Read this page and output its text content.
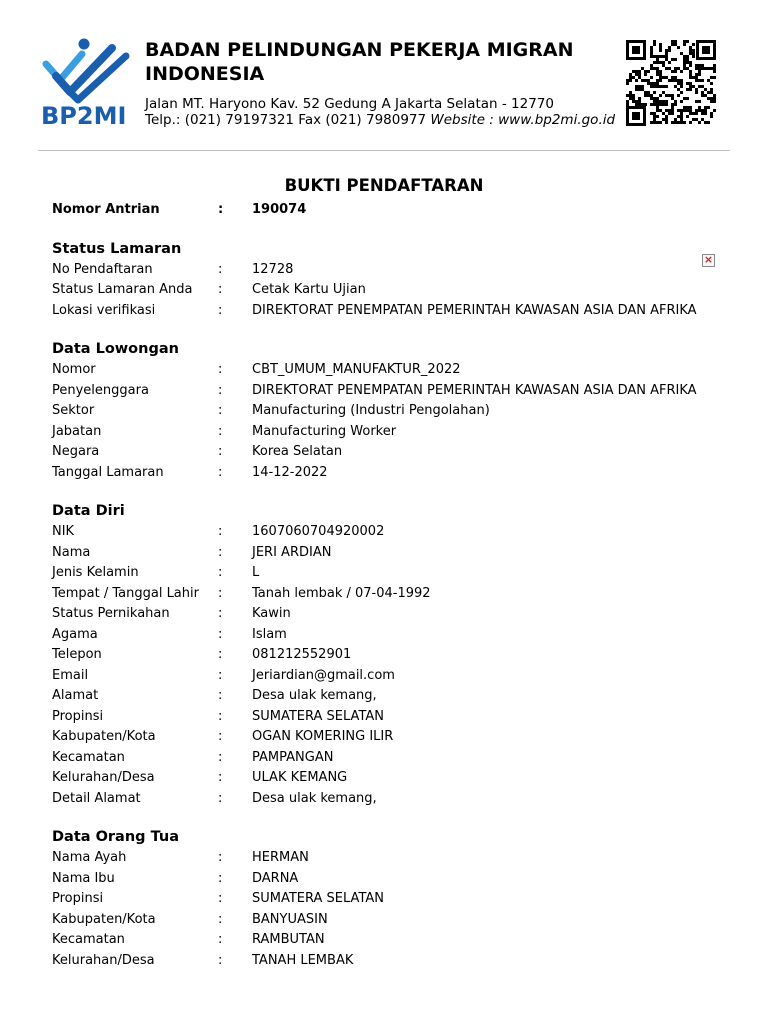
BP2MI
BADAN PELINDUNGAN PEKERJA MIGRAN INDONESIA
Jalan MT. Haryono Kav. 52 Gedung A Jakarta Selatan - 12770
Telp.: (021) 79197321 Fax (021) 7980977 Website : www.bp2mi.go.id
BUKTI PENDAFTARAN
×
Nomor Antrian	: 190074
Status Lamaran
No Pendaftaran	: 12728
Status Lamaran Anda : Cetak Kartu Ujian
Lokasi verifikasi	: DIREKTORAT PENEMPATAN PEMERINTAH KAWASAN ASIA DAN AFRIKA
Data Lowongan
Nomor	: CBT_UMUM_MANUFAKTUR_2022
Penyelenggara	: DIREKTORAT PENEMPATAN PEMERINTAH KAWASAN ASIA DAN AFRIKA
Sektor	: Manufacturing (Industri Pengolahan)
Jabatan	: Manufacturing Worker
Negara	: Korea Selatan
Tanggal Lamaran	: 14-12-2022
Data Diri
NIK	: 1607060704920002
Nama	: JERI ARDIAN
Jenis Kelamin	: L
Tempat / Tanggal Lahir : Tanah lembak / 07-04-1992
Status Pernikahan	: Kawin
Agama	: Islam
Telepon	: 081212552901
Email	: Jeriardian@gmail.com
Alamat	: Desa ulak kemang,
Propinsi	: SUMATERA SELATAN
Kabupaten/Kota	: OGAN KOMERING ILIR
Kecamatan	: PAMPANGAN
Kelurahan/Desa	: ULAK KEMANG
Detail Alamat	: Desa ulak kemang,
Data Orang Tua
Nama Ayah	: HERMAN
Nama Ibu	: DARNA
Propinsi	: SUMATERA SELATAN
Kabupaten/Kota	: BANYUASIN
Kecamatan	: RAMBUTAN
Kelurahan/Desa	: TANAH LEMBAK
